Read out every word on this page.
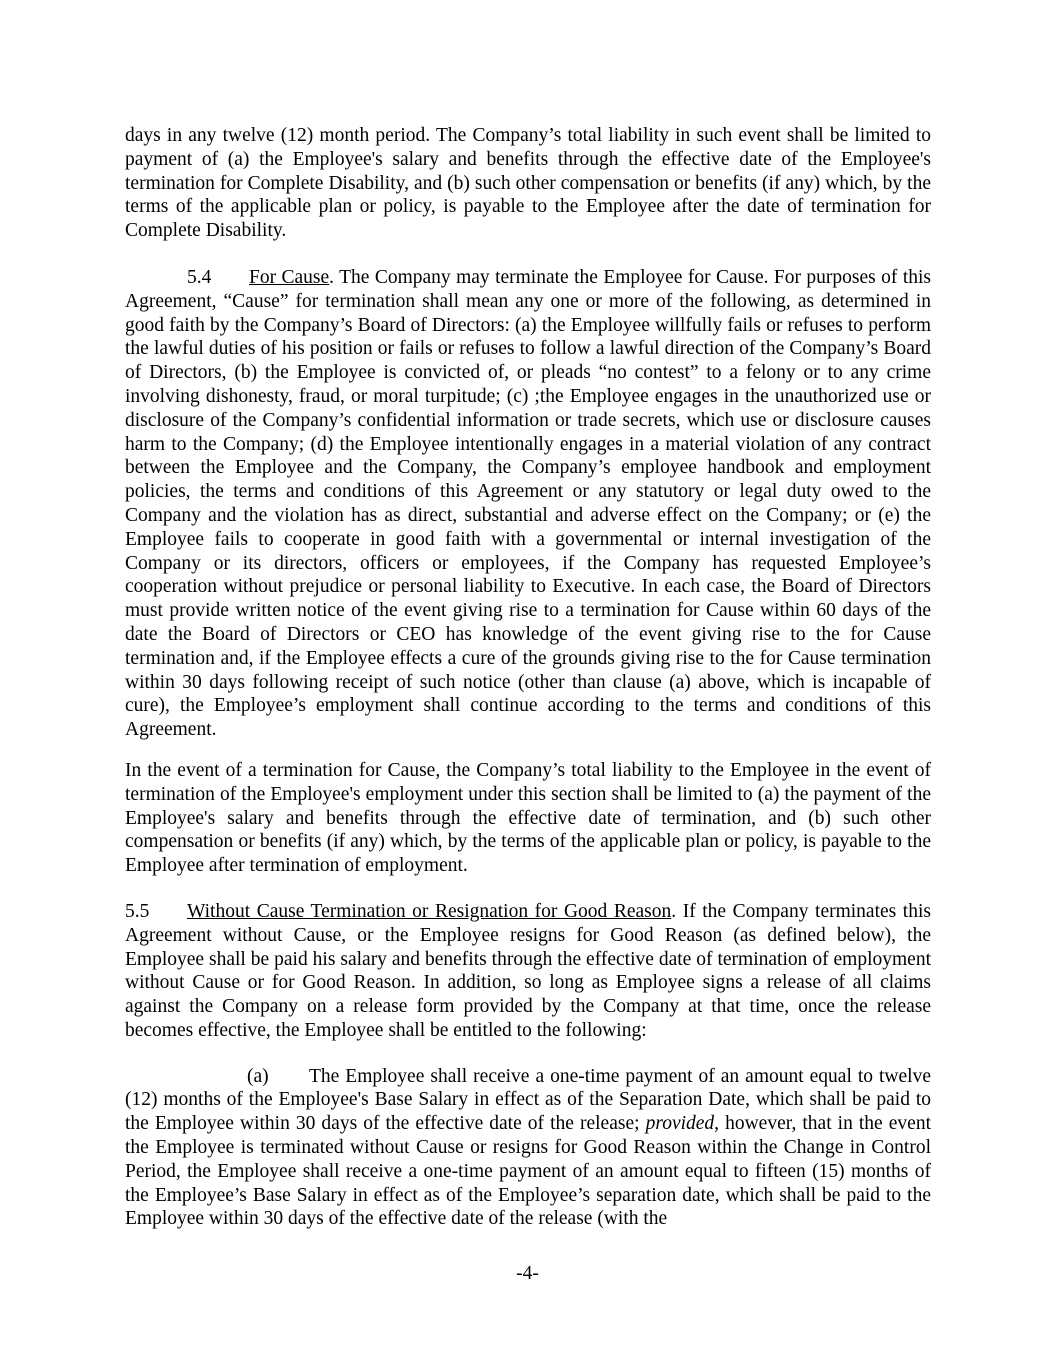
days in any twelve (12) month period. The Company’s total liability in such event shall be limited to payment of (a) the Employee's salary and benefits through the effective date of the Employee's termination for Complete Disability, and (b) such other compensation or benefits (if any) which, by the terms of the applicable plan or policy, is payable to the Employee after the date of termination for Complete Disability.

5.4 For Cause. The Company may terminate the Employee for Cause. For purposes of this Agreement, “Cause” for termination shall mean any one or more of the following, as determined in good faith by the Company’s Board of Directors: (a) the Employee willfully fails or refuses to perform the lawful duties of his position or fails or refuses to follow a lawful direction of the Company’s Board of Directors, (b) the Employee is convicted of, or pleads “no contest” to a felony or to any crime involving dishonesty, fraud, or moral turpitude; (c) ;the Employee engages in the unauthorized use or disclosure of the Company’s confidential information or trade secrets, which use or disclosure causes harm to the Company; (d) the Employee intentionally engages in a material violation of any contract between the Employee and the Company, the Company’s employee handbook and employment policies, the terms and conditions of this Agreement or any statutory or legal duty owed to the Company and the violation has as direct, substantial and adverse effect on the Company; or (e) the Employee fails to cooperate in good faith with a governmental or internal investigation of the Company or its directors, officers or employees, if the Company has requested Employee’s cooperation without prejudice or personal liability to Executive. In each case, the Board of Directors must provide written notice of the event giving rise to a termination for Cause within 60 days of the date the Board of Directors or CEO has knowledge of the event giving rise to the for Cause termination and, if the Employee effects a cure of the grounds giving rise to the for Cause termination within 30 days following receipt of such notice (other than clause (a) above, which is incapable of cure), the Employee’s employment shall continue according to the terms and conditions of this Agreement.

In the event of a termination for Cause, the Company’s total liability to the Employee in the event of termination of the Employee's employment under this section shall be limited to (a) the payment of the Employee's salary and benefits through the effective date of termination, and (b) such other compensation or benefits (if any) which, by the terms of the applicable plan or policy, is payable to the Employee after termination of employment.

5.5 Without Cause Termination or Resignation for Good Reason. If the Company terminates this Agreement without Cause, or the Employee resigns for Good Reason (as defined below), the Employee shall be paid his salary and benefits through the effective date of termination of employment without Cause or for Good Reason. In addition, so long as Employee signs a release of all claims against the Company on a release form provided by the Company at that time, once the release becomes effective, the Employee shall be entitled to the following:

(a) The Employee shall receive a one-time payment of an amount equal to twelve (12) months of the Employee's Base Salary in effect as of the Separation Date, which shall be paid to the Employee within 30 days of the effective date of the release; provided, however, that in the event the Employee is terminated without Cause or resigns for Good Reason within the Change in Control Period, the Employee shall receive a one-time payment of an amount equal to fifteen (15) months of the Employee’s Base Salary in effect as of the Employee’s separation date, which shall be paid to the Employee within 30 days of the effective date of the release (with the

-4-
